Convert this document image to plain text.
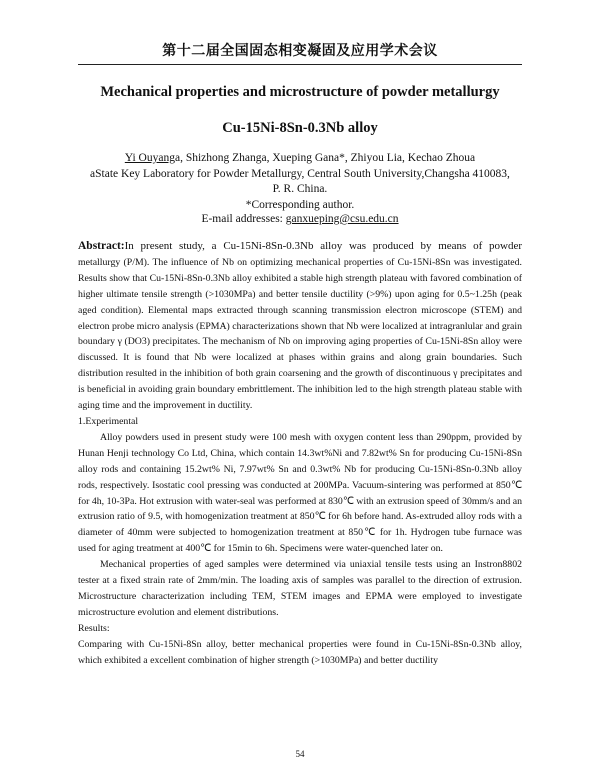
第十二届全国固态相变凝固及应用学术会议
Mechanical properties and microstructure of powder metallurgy
Cu-15Ni-8Sn-0.3Nb alloy
Yi Ouyanga, Shizhong Zhanga, Xueping Gana*, Zhiyou Lia, Kechao Zhoua
aState Key Laboratory for Powder Metallurgy, Central South University,Changsha 410083,
P. R. China.
*Corresponding author.
E-mail addresses: ganxueping@csu.edu.cn

Abstract:In present study, a Cu-15Ni-8Sn-0.3Nb alloy was produced by means of powder metallurgy (P/M). The influence of Nb on optimizing mechanical properties of Cu-15Ni-8Sn was investigated. Results show that Cu-15Ni-8Sn-0.3Nb alloy exhibited a stable high strength plateau with favored combination of higher ultimate tensile strength (>1030MPa) and better tensile ductility (>9%) upon aging for 0.5~1.25h (peak aged condition). Elemental maps extracted through scanning transmission electron microscope (STEM) and electron probe micro analysis (EPMA) characterizations shown that Nb were localized at intragranlular and grain boundary γ (DO3) precipitates. The mechanism of Nb on improving aging properties of Cu-15Ni-8Sn alloy were discussed. It is found that Nb were localized at phases within grains and along grain boundaries. Such distribution resulted in the inhibition of both grain coarsening and the growth of discontinuous γ precipitates and is beneficial in avoiding grain boundary embrittlement. The inhibition led to the high strength plateau stable with aging time and the improvement in ductility.

1.Experimental

Alloy powders used in present study were 100 mesh with oxygen content less than 290ppm, provided by Hunan Henji technology Co Ltd, China, which contain 14.3wt%Ni and 7.82wt% Sn for producing Cu-15Ni-8Sn alloy rods and containing 15.2wt% Ni, 7.97wt% Sn and 0.3wt% Nb for producing Cu-15Ni-8Sn-0.3Nb alloy rods, respectively. Isostatic cool pressing was conducted at 200MPa. Vacuum-sintering was performed at 850℃ for 4h, 10-3Pa. Hot extrusion with water-seal was performed at 830℃ with an extrusion speed of 30mm/s and an extrusion ratio of 9.5, with homogenization treatment at 850℃ for 6h before hand. As-extruded alloy rods with a diameter of 40mm were subjected to homogenization treatment at 850℃ for 1h. Hydrogen tube furnace was used for aging treatment at 400℃ for 15min to 6h. Specimens were water-quenched later on.

Mechanical properties of aged samples were determined via uniaxial tensile tests using an Instron8802 tester at a fixed strain rate of 2mm/min. The loading axis of samples was parallel to the direction of extrusion. Microstructure characterization including TEM, STEM images and EPMA were employed to investigate microstructure evolution and element distributions.

Results:

Comparing with Cu-15Ni-8Sn alloy, better mechanical properties were found in Cu-15Ni-8Sn-0.3Nb alloy, which exhibited a excellent combination of higher strength (>1030MPa) and better ductility

54
